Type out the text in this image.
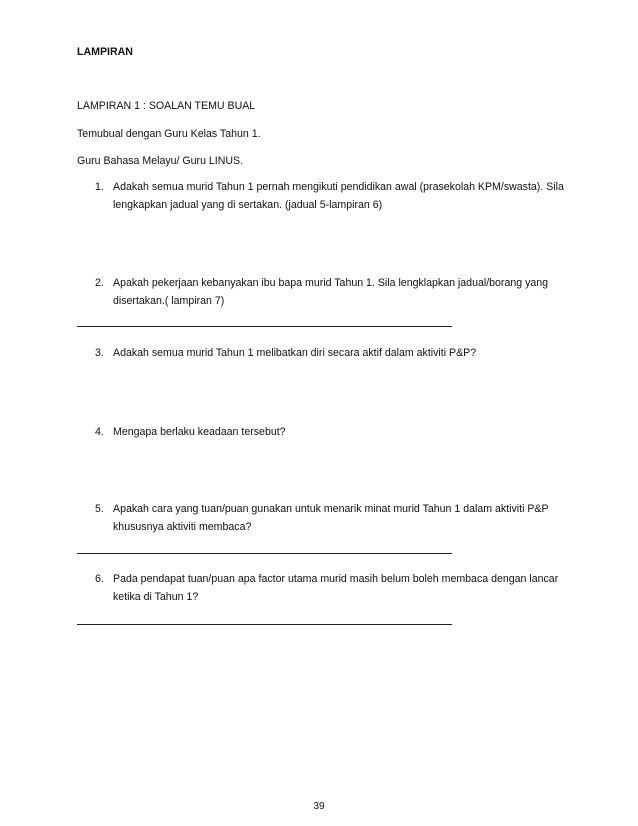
LAMPIRAN
LAMPIRAN 1 : SOALAN TEMU BUAL
Temubual dengan Guru Kelas Tahun 1.
Guru Bahasa Melayu/ Guru LINUS.
1. Adakah semua murid Tahun 1 pernah mengikuti pendidikan awal (prasekolah KPM/swasta). Sila
lengkapkan jadual yang di sertakan. (jadual 5-lampiran 6)
2. Apakah pekerjaan kebanyakan ibu bapa murid Tahun 1. Sila lengklapkan jadual/borang yang
disertakan.( lampiran 7)
3. Adakah semua murid Tahun 1 melibatkan diri secara aktif dalam aktiviti P&P?
4. Mengapa berlaku keadaan tersebut?
5. Apakah cara yang tuan/puan gunakan untuk menarik minat murid Tahun 1 dalam aktiviti P&P
khususnya aktiviti membaca?
6. Pada pendapat tuan/puan apa factor utama murid masih belum boleh membaca dengan lancar
ketika di Tahun 1?
39
